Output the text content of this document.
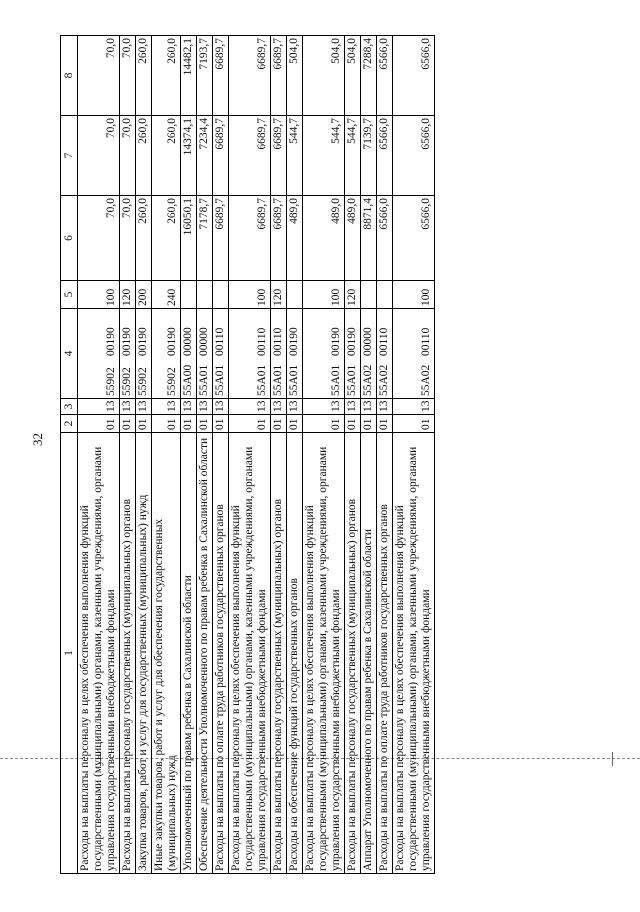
32
1	2	3	4	5	6	7	8
Расходы на выплаты персоналу в целях обеспечения выполнения функций государственными (муниципальными) органами, казенными учреждениями, органами управления государственными внебюджетными фондами	01	13	5590200190	100	70,0	70,0	70,0
Расходы на выплаты персоналу государственных (муниципальных) органов	01	13	5590200190	120	70,0	70,0	70,0
Закупка товаров, работ и услуг для государственных (муниципальных) нужд	01	13	5590200190	200	260,0	260,0	260,0
Иные закупки товаров, работ и услуг для обеспечения государственных (муниципальных) нужд	01	13	5590200190	240	260,0	260,0	260,0
Уполномоченный по правам ребенка в Сахалинской области	01	13	55A0000000		16050,1	14374,1	14482,1
Обеспечение деятельности Уполномоченного по правам ребенка в Сахалинской области	01	13	55A0100000		7178,7	7234,4	7193,7
Расходы на выплаты по оплате труда работников государственных органов	01	13	55A0100110		6689,7	6689,7	6689,7
Расходы на выплаты персоналу в целях обеспечения выполнения функций государственными (муниципальными) органами, казенными учреждениями, органами управления государственными внебюджетными фондами	01	13	55A0100110	100	6689,7	6689,7	6689,7
Расходы на выплаты персоналу государственных (муниципальных) органов	01	13	55A0100110	120	6689,7	6689,7	6689,7
Расходы на обеспечение функций государственных органов	01	13	55A0100190		489,0	544,7	504,0
Расходы на выплаты персоналу в целях обеспечения выполнения функций государственными (муниципальными) органами, казенными учреждениями, органами управления государственными внебюджетными фондами	01	13	55A0100190	100	489,0	544,7	504,0
Расходы на выплаты персоналу государственных (муниципальных) органов	01	13	55A0100190	120	489,0	544,7	504,0
Аппарат Уполномоченного по правам ребенка в Сахалинской области	01	13	55A0200000		8871,4	7139,7	7288,4
Расходы на выплаты по оплате труда работников государственных органов	01	13	55A0200110		6566,0	6566,0	6566,0
Расходы на выплаты персоналу в целях обеспечения выполнения функций государственными (муниципальными) органами, казенными учреждениями, органами управления государственными внебюджетными фондами	01	13	55A0200110	100	6566,0	6566,0	6566,0
